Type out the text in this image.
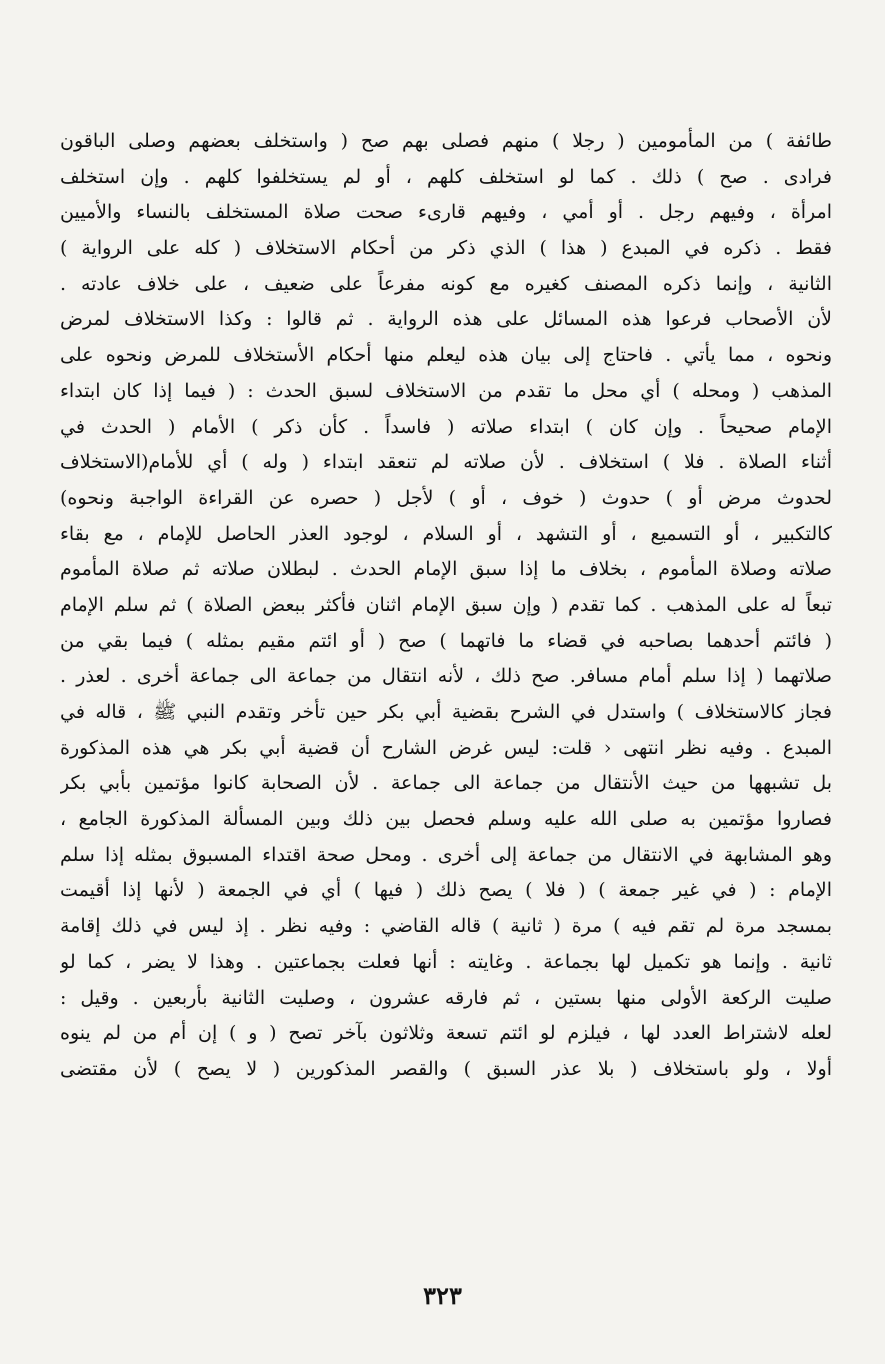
طائفة ) من المأمومين ( رجلا ) منهم فصلى بهم صح ( واستخلف بعضهم وصلى الباقون
فرادى . صح ) ذلك . كما لو استخلف كلهم ، أو لم يستخلفوا كلهم . وإن استخلف
امرأة ، وفيهم رجل . أو أمي ، وفيهم قارىء صحت صلاة المستخلف بالنساء والأميين
فقط . ذكره في المبدع ( هذا ) الذي ذكر من أحكام الاستخلاف ( كله على الرواية )
الثانية ، وإنما ذكره المصنف كغيره مع كونه مفرعاً على ضعيف ، على خلاف عادته .
لأن الأصحاب فرعوا هذه المسائل على هذه الرواية . ثم قالوا : وكذا الاستخلاف لمرض
ونحوه ، مما يأتي . فاحتاج إلى بيان هذه ليعلم منها أحكام الأستخلاف للمرض ونحوه على
المذهب ( ومحله ) أي محل ما تقدم من الاستخلاف لسبق الحدث : ( فيما إذا كان ابتداء
الإمام صحيحاً . وإن كان ) ابتداء صلاته ( فاسداً . كأن ذكر ) الأمام ( الحدث في
أثناء الصلاة . فلا ) استخلاف . لأن صلاته لم تنعقد ابتداء ( وله ) أي للأمام(الاستخلاف
لحدوث مرض أو ) حدوث ( خوف ، أو ) لأجل ( حصره عن القراءة الواجبة ونحوه)
كالتكبير ، أو التسميع ، أو التشهد ، أو السلام ، لوجود العذر الحاصل للإمام ، مع بقاء
صلاته وصلاة المأموم ، بخلاف ما إذا سبق الإمام الحدث . لبطلان صلاته ثم صلاة المأموم
تبعاً له على المذهب . كما تقدم ( وإن سبق الإمام اثنان فأكثر ببعض الصلاة ) ثم سلم الإمام
( فائتم أحدهما بصاحبه في قضاء ما فاتهما ) صح ( أو ائتم مقيم بمثله ) فيما بقي من
صلاتهما ( إذا سلم أمام مسافر. صح ذلك ، لأنه انتقال من جماعة الى جماعة أخرى . لعذر .
فجاز كالاستخلاف ) واستدل في الشرح بقضية أبي بكر حين تأخر وتقدم النبي ﷺ ، قاله في
المبدع . وفيه نظر انتهى ‹ قلت: ليس غرض الشارح أن قضية أبي بكر هي هذه المذكورة
بل تشبهها من حيث الأنتقال من جماعة الى جماعة . لأن الصحابة كانوا مؤتمين بأبي بكر
فصاروا مؤتمين به صلى الله عليه وسلم فحصل بين ذلك وبين المسألة المذكورة الجامع ،
وهو المشابهة في الانتقال من جماعة إلى أخرى . ومحل صحة اقتداء المسبوق بمثله إذا سلم
الإمام : ( في غير جمعة ) ( فلا ) يصح ذلك ( فيها ) أي في الجمعة ( لأنها إذا أقيمت
بمسجد مرة لم تقم فيه ) مرة ( ثانية ) قاله القاضي : وفيه نظر . إذ ليس في ذلك إقامة
ثانية . وإنما هو تكميل لها بجماعة . وغايته : أنها فعلت بجماعتين . وهذا لا يضر ، كما لو
صليت الركعة الأولى منها بستين ، ثم فارقه عشرون ، وصليت الثانية بأربعين . وقيل :
لعله لاشتراط العدد لها ، فيلزم لو ائتم تسعة وثلاثون بآخر تصح ( و ) إن أم من لم ينوه
أولا ، ولو باستخلاف ( بلا عذر السبق ) والقصر المذكورين ( لا يصح ) لأن مقتضى
٣٢٣
